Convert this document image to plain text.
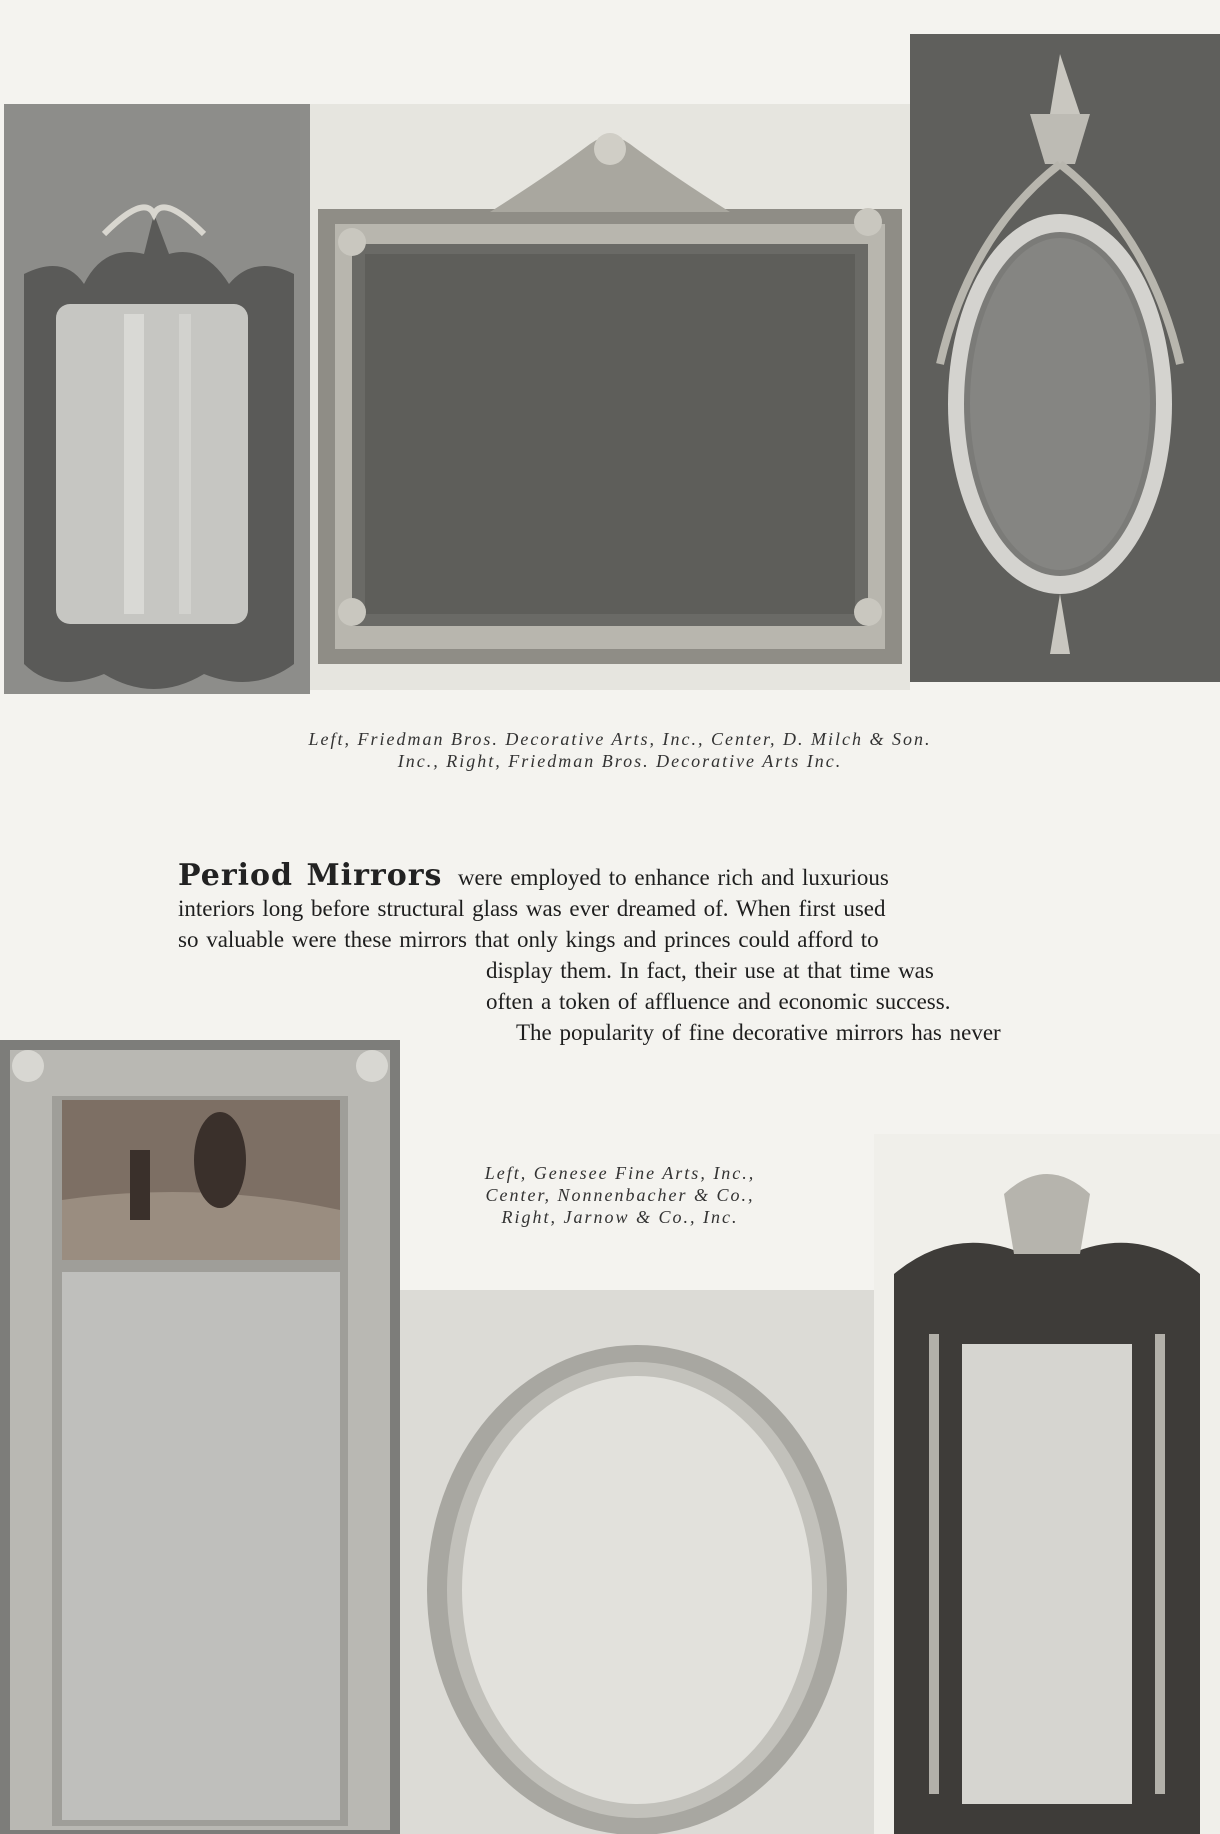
Left, Friedman Bros. Decorative Arts, Inc., Center, D. Milch & Son.
Inc., Right, Friedman Bros. Decorative Arts Inc.
Period Mirrors were employed to enhance rich and luxurious
interiors long before structural glass was ever dreamed of. When first used
so valuable were these mirrors that only kings and princes could afford to
display them. In fact, their use at that time was
often a token of affluence and economic success.
The popularity of fine decorative mirrors has never
Left, Genesee Fine Arts, Inc.,
Center, Nonnenbacher & Co.,
Right, Jarnow & Co., Inc.
